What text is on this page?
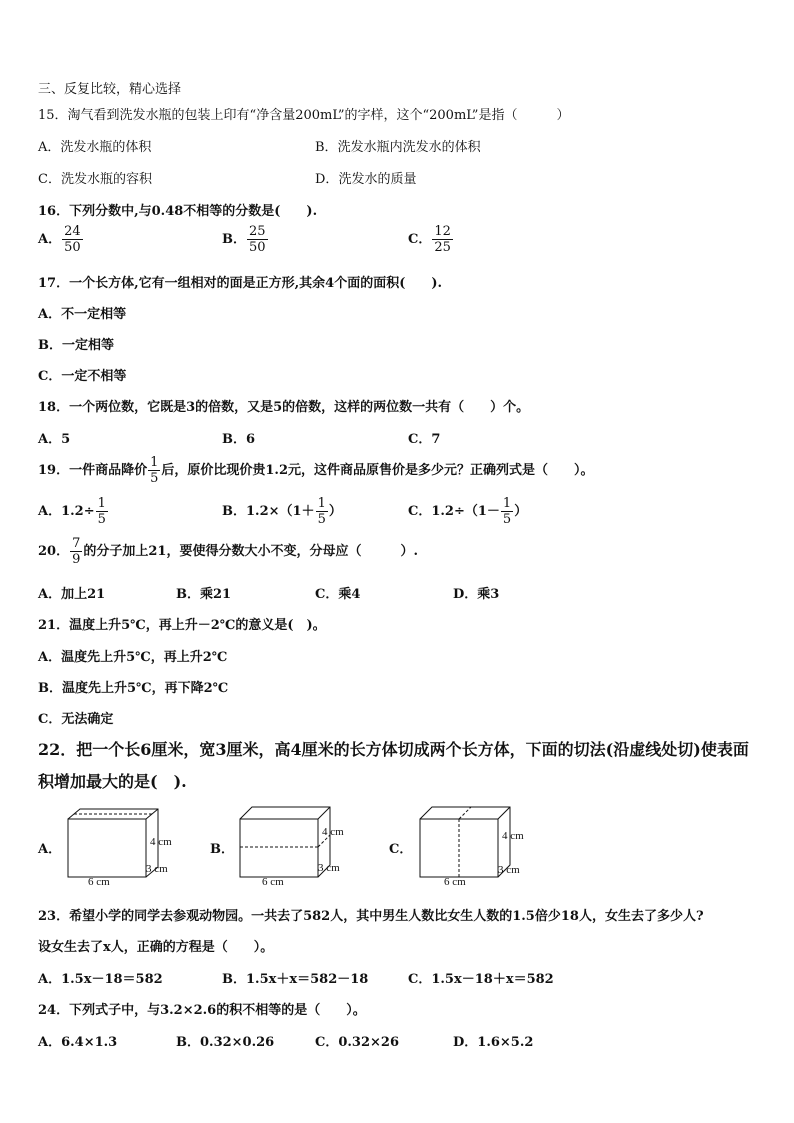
三、反复比较，精心选择
15．淘气看到洗发水瓶的包装上印有“净含量200mL”的字样，这个“200mL”是指（　　　）
A．洗发水瓶的体积	B．洗发水瓶内洗发水的体积
C．洗发水瓶的容积	D．洗发水的质量
16．下列分数中,与0.48不相等的分数是(　　).
A． $\frac{24}{50}$	B． $\frac{25}{50}$	C． $\frac{12}{25}$
17．一个长方体,它有一组相对的面是正方形,其余4个面的面积(　　).
A．不一定相等
B．一定相等
C．一定不相等
18．一个两位数，它既是3的倍数，又是5的倍数，这样的两位数一共有（　　）个。
A．5	B．6	C．7
19．一件商品降价 $\frac{1}{5}$ 后，原价比现价贵1.2元，这件商品原售价是多少元？正确列式是（　　）。
A．$1.2\div \frac{1}{5}$	B．$1.2\times(1+ \frac{1}{5}$ ）	C．$1.2\div(1- \frac{1}{5}$ ）
20． $\frac{7}{9}$ 的分子加上21，要使得分数大小不变，分母应（　　　）.
A．加上21	B．乘21	C．乘4	D．乘3
21．温度上升5℃，再上升－2℃的意义是(　)。
A．温度先上升5℃，再上升2℃
B．温度先上升5℃，再下降2℃
C．无法确定
22．把一个长6厘米，宽3厘米，高4厘米的长方体切成两个长方体，下面的切法(沿虚线处切)使表面
积增加最大的是(　).
A．	B．	C．
4 cm
3 cm
6 cm
4 cm
3 cm
6 cm
4 cm
3 cm
6 cm
23．希望小学的同学去参观动物园。一共去了582人，其中男生人数比女生人数的1.5倍少18人，女生去了多少人?
设女生去了x人，正确的方程是（　　）。
A．1.5x－18＝582	B．1.5x＋x＝582－18	C．1.5x－18＋x＝582
24．下列式子中，与3.2×2.6的积不相等的是（　　）。
A．6.4×1.3	B．0.32×0.26	C．0.32×26	D．1.6×5.2
